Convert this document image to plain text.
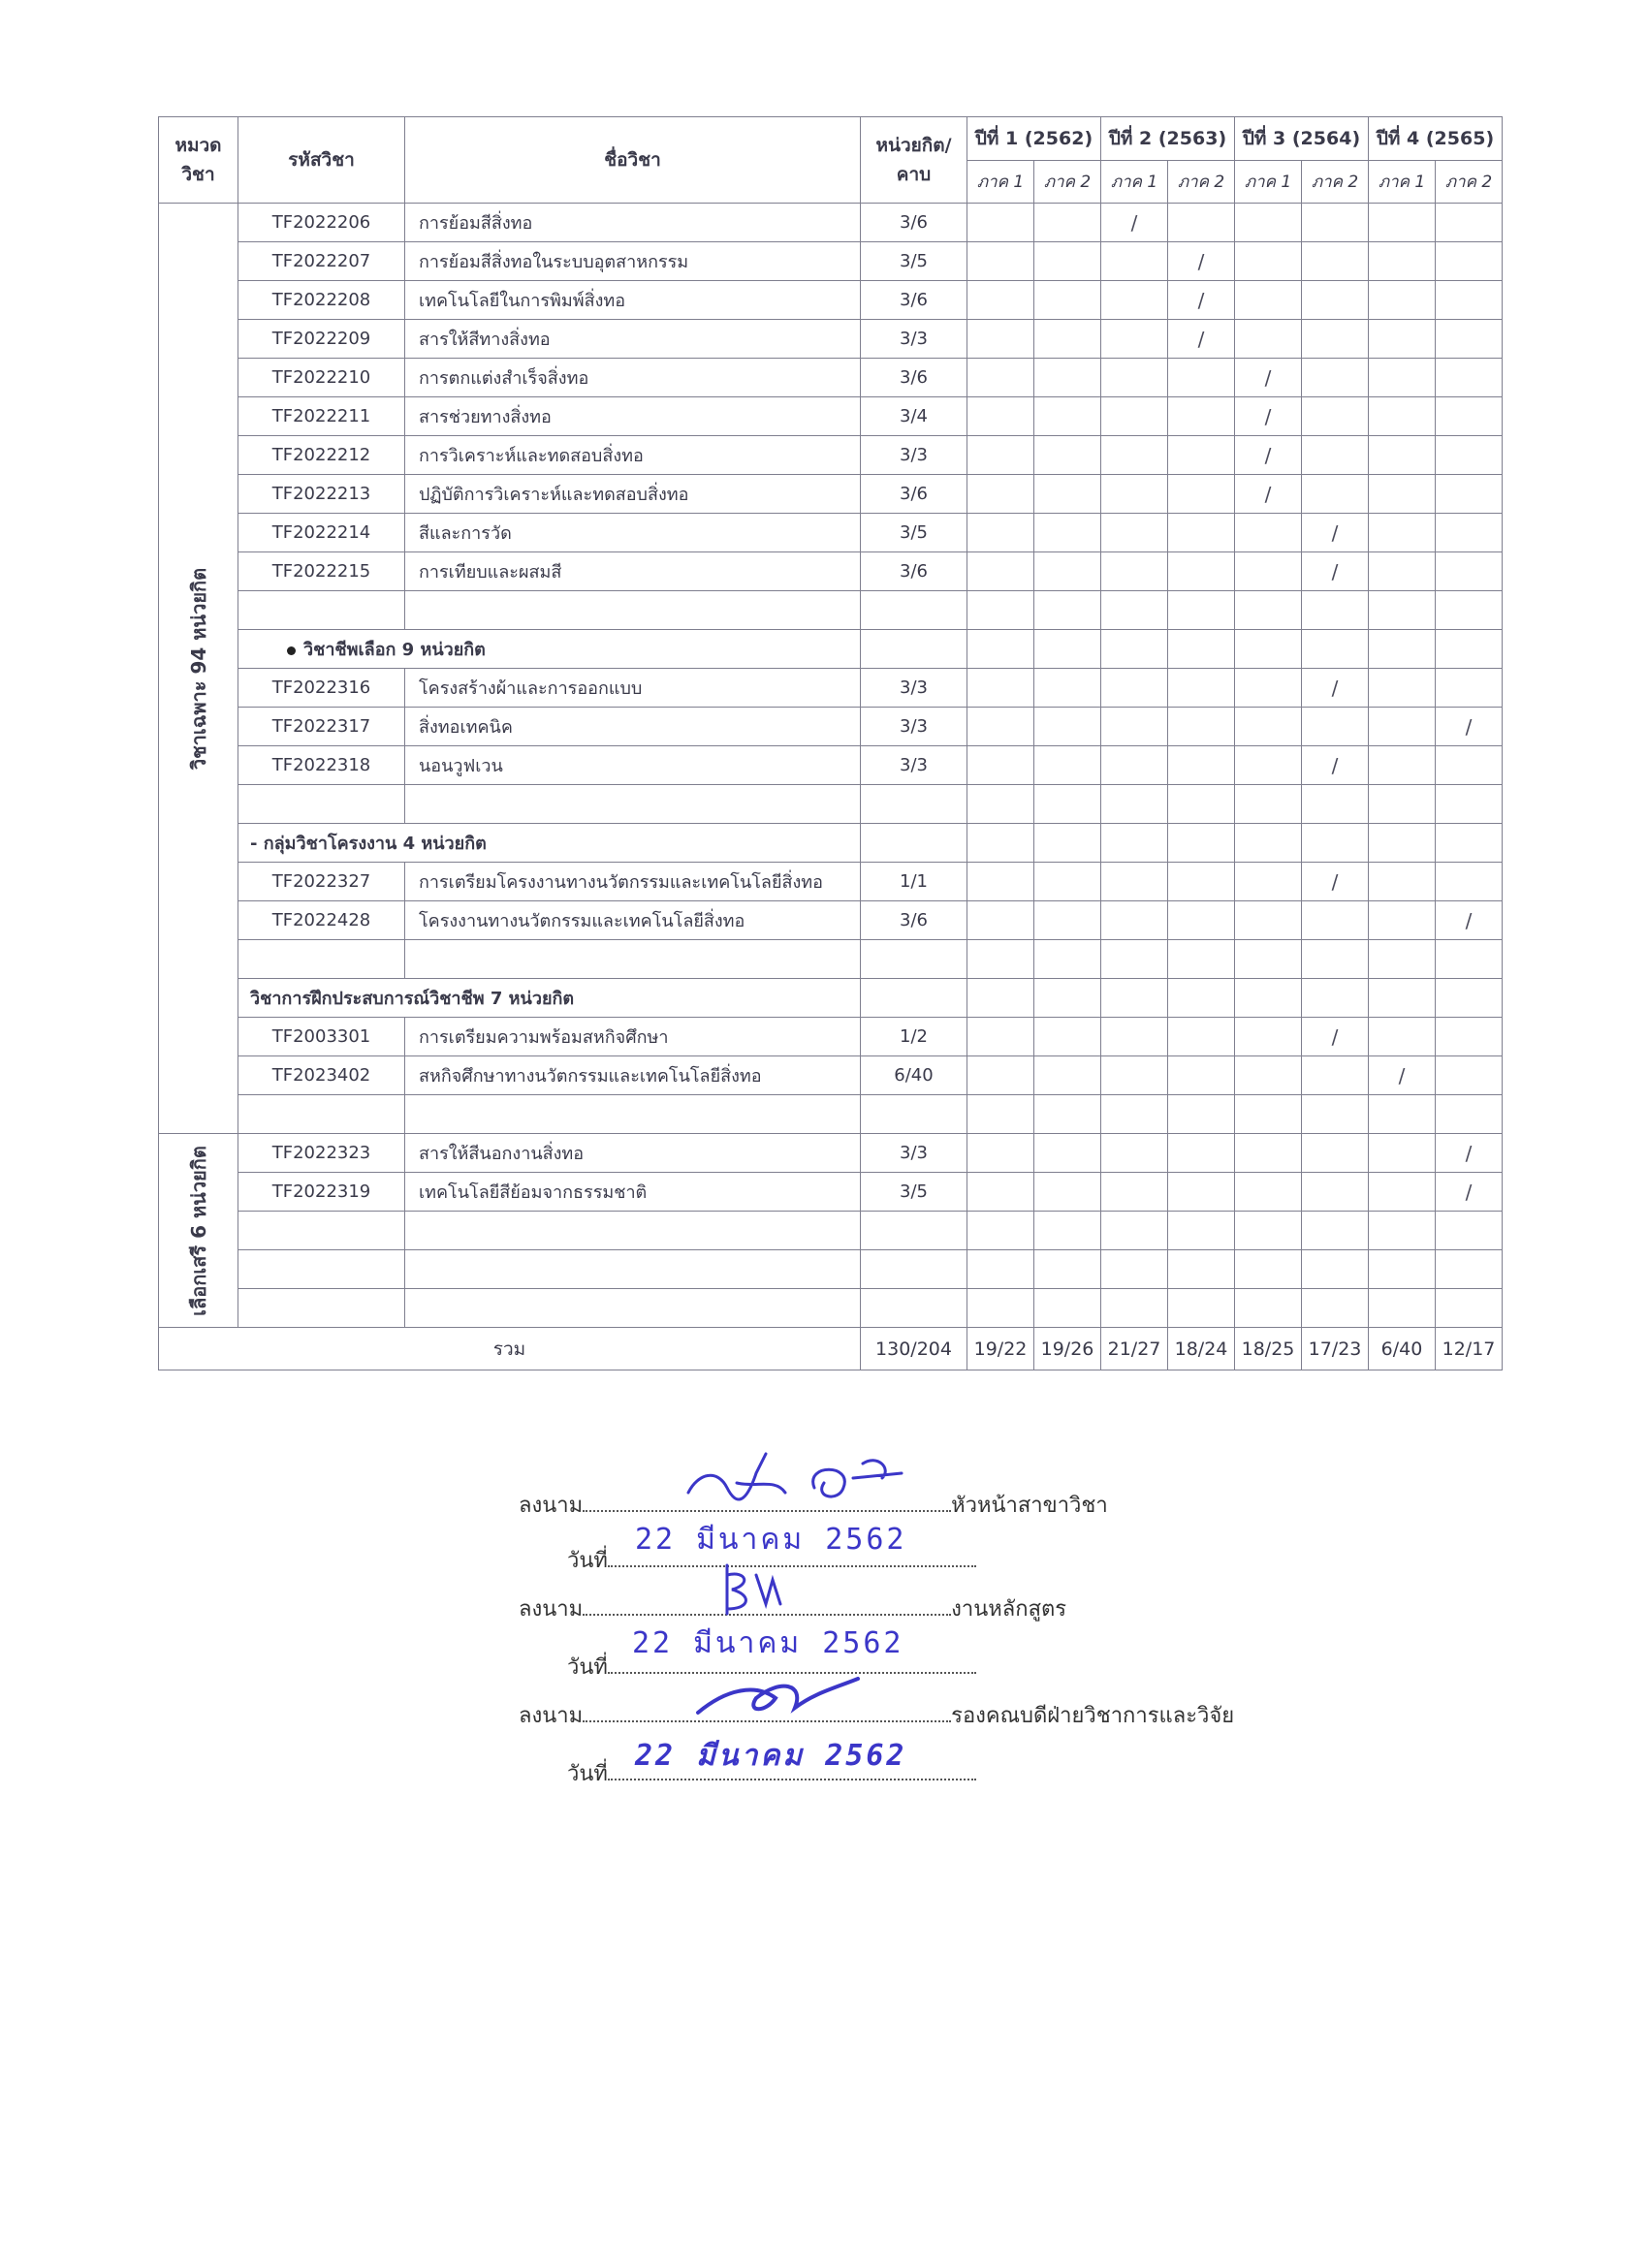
หมวด วิชา	รหัสวิชา	ชื่อวิชา	หน่วยกิต/ คาบ	ปีที่ 1 (2562)		ปีที่ 2 (2563)		ปีที่ 3 (2564)		ปีที่ 4 (2565)	
				ภาค 1	ภาค 2	ภาค 1	ภาค 2	ภาค 1	ภาค 2	ภาค 1	ภาค 2

วิชาเฉพาะ 94 หน่วยกิต	TF2022206	การย้อมสีสิ่งทอ	3/6			/					
	TF2022207	การย้อมสีสิ่งทอในระบบอุตสาหกรรม	3/5				/				
	TF2022208	เทคโนโลยีในการพิมพ์สิ่งทอ	3/6				/				
	TF2022209	สารให้สีทางสิ่งทอ	3/3				/				
	TF2022210	การตกแต่งสำเร็จสิ่งทอ	3/6					/			
	TF2022211	สารช่วยทางสิ่งทอ	3/4					/			
	TF2022212	การวิเคราะห์และทดสอบสิ่งทอ	3/3					/			
	TF2022213	ปฏิบัติการวิเคราะห์และทดสอบสิ่งทอ	3/6					/			
	TF2022214	สีและการวัด	3/5						/		
	TF2022215	การเทียบและผสมสี	3/6						/		

	วิชาชีพเลือก 9 หน่วยกิต										
	TF2022316	โครงสร้างผ้าและการออกแบบ	3/3						/		
	TF2022317	สิ่งทอเทคนิค	3/3								/
	TF2022318	นอนวูฟเวน	3/3						/		

	- กลุ่มวิชาโครงงาน 4 หน่วยกิต										
	TF2022327	การเตรียมโครงงานทางนวัตกรรมและเทคโนโลยีสิ่งทอ	1/1						/		
	TF2022428	โครงงานทางนวัตกรรมและเทคโนโลยีสิ่งทอ	3/6								/

	วิชาการฝึกประสบการณ์วิชาชีพ 7 หน่วยกิต										
	TF2003301	การเตรียมความพร้อมสหกิจศึกษา	1/2						/		
	TF2023402	สหกิจศึกษาทางนวัตกรรมและเทคโนโลยีสิ่งทอ	6/40							/	

เลือกเสรี 6 หน่วยกิต	TF2022323	สารให้สีนอกงานสิ่งทอ	3/3								/
	TF2022319	เทคโนโลยีสีย้อมจากธรรมชาติ	3/5								/

รวม			130/204	19/22	19/26	21/27	18/24	18/25	17/23	6/40	12/17
ลงนาม	หัวหน้าสาขาวิชา
วันที่
22 มีนาคม 2562
ลงนาม	งานหลักสูตร
วันที่
22 มีนาคม 2562
ลงนาม	รองคณบดีฝ่ายวิชาการและวิจัย
วันที่
22 มีนาคม 2562
